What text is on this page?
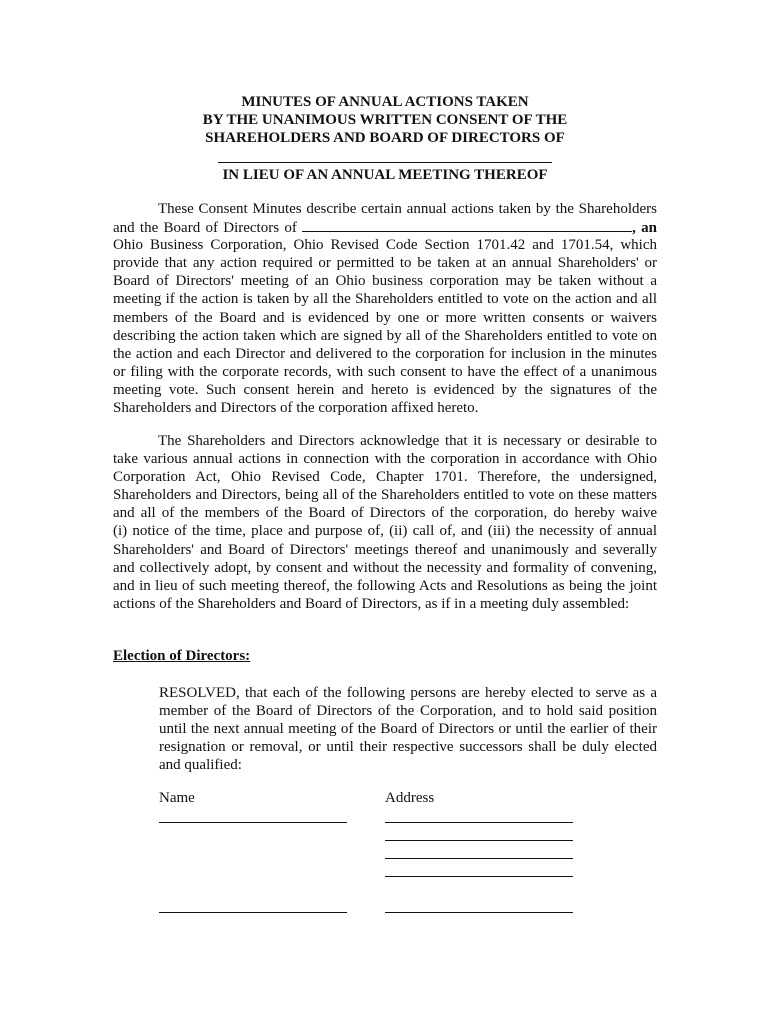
MINUTES OF ANNUAL ACTIONS TAKEN
BY THE UNANIMOUS WRITTEN CONSENT OF THE
SHAREHOLDERS AND BOARD OF DIRECTORS OF
IN LIEU OF AN ANNUAL MEETING THEREOF
These Consent Minutes describe certain annual actions taken by the Shareholders
and the Board of Directors of	, an
Ohio Business Corporation, Ohio Revised Code Section 1701.42 and 1701.54, which
provide that any action required or permitted to be taken at an annual Shareholders' or
Board of Directors' meeting of an Ohio business corporation may be taken without a
meeting if the action is taken by all the Shareholders entitled to vote on the action and all
members of the Board and is evidenced by one or more written consents or waivers
describing the action taken which are signed by all of the Shareholders entitled to vote on
the action and each Director and delivered to the corporation for inclusion in the minutes
or filing with the corporate records, with such consent to have the effect of a unanimous
meeting vote. Such consent herein and hereto is evidenced by the signatures of the
Shareholders and Directors of the corporation affixed hereto.
The Shareholders and Directors acknowledge that it is necessary or desirable to
take various annual actions in connection with the corporation in accordance with Ohio
Corporation Act, Ohio Revised Code, Chapter 1701. Therefore, the undersigned,
Shareholders and Directors, being all of the Shareholders entitled to vote on these matters
and all of the members of the Board of Directors of the corporation, do hereby waive
(i) notice of the time, place and purpose of, (ii) call of, and (iii) the necessity of annual
Shareholders' and Board of Directors' meetings thereof and unanimously and severally
and collectively adopt, by consent and without the necessity and formality of convening,
and in lieu of such meeting thereof, the following Acts and Resolutions as being the joint
actions of the Shareholders and Board of Directors, as if in a meeting duly assembled:
Election of Directors:
RESOLVED, that each of the following persons are hereby elected to serve as a
member of the Board of Directors of the Corporation, and to hold said position
until the next annual meeting of the Board of Directors or until the earlier of their
resignation or removal, or until their respective successors shall be duly elected
and qualified:
Name	Address
